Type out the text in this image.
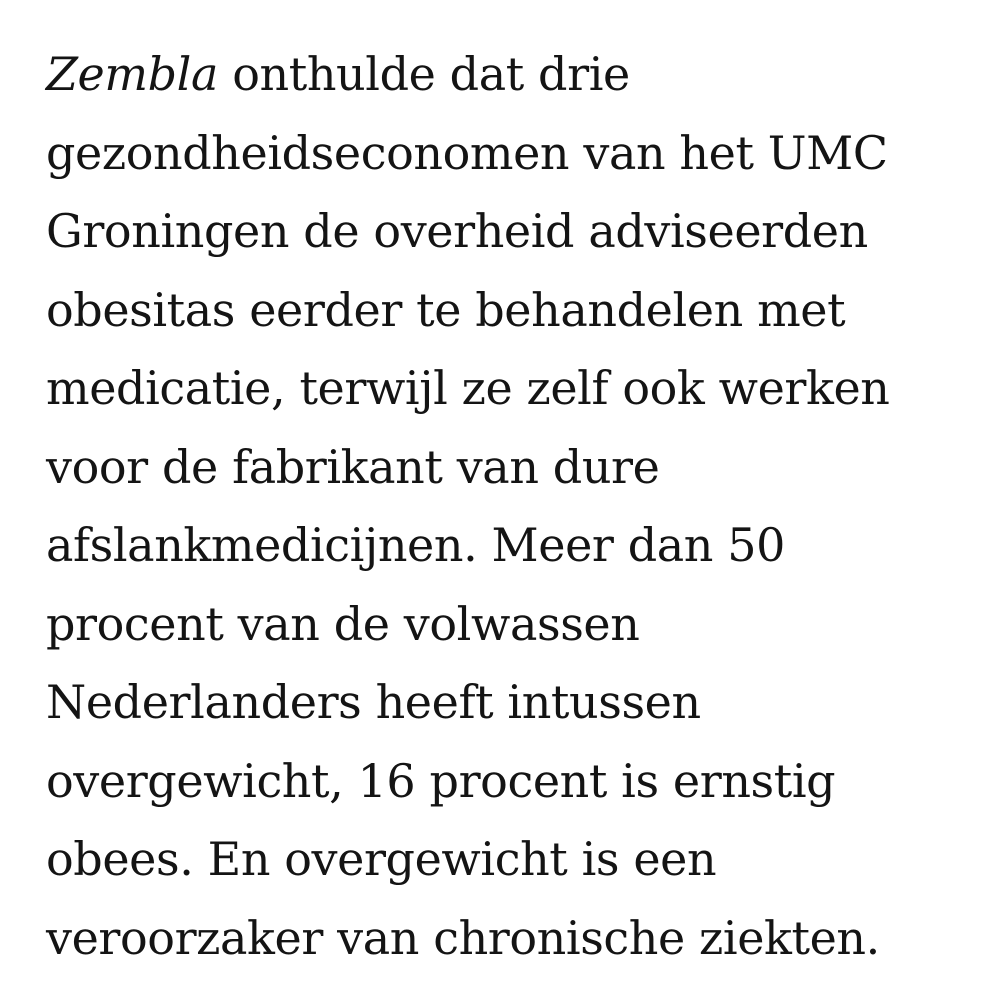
Zembla onthulde dat drie
gezondheidseconomen van het UMC
Groningen de overheid adviseerden
obesitas eerder te behandelen met
medicatie, terwijl ze zelf ook werken
voor de fabrikant van dure
afslankmedicijnen. Meer dan 50
procent van de volwassen
Nederlanders heeft intussen
overgewicht, 16 procent is ernstig
obees. En overgewicht is een
veroorzaker van chronische ziekten.
